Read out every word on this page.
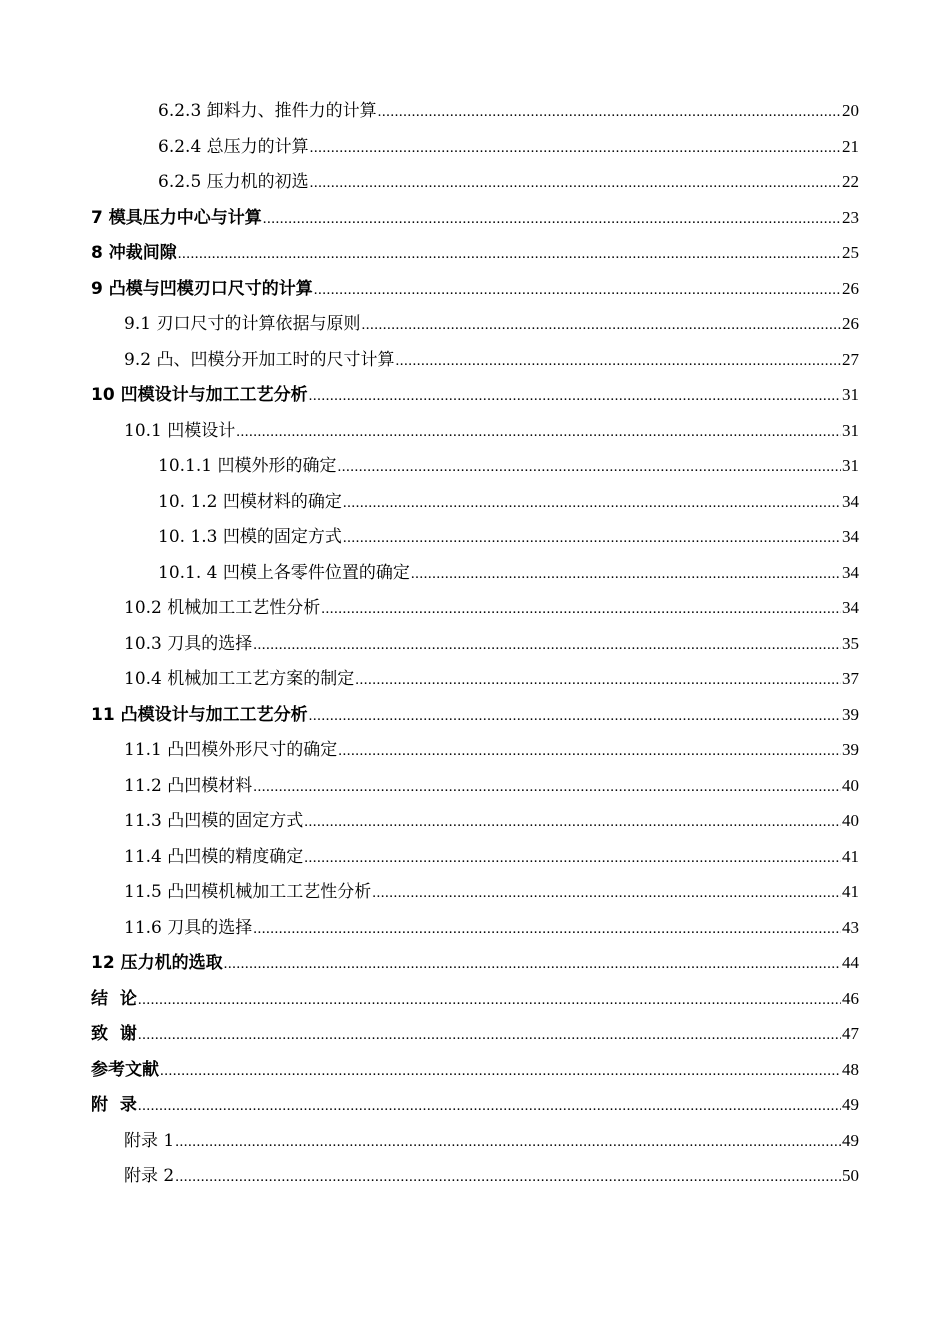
6.2.3 卸料力、推件力的计算 .....	20
6.2.4 总压力的计算 .....	21
6.2.5 压力机的初选 .....	22
7 模具压力中心与计算 .....	23
8 冲裁间隙 .....	25
9 凸模与凹模刃口尺寸的计算 .....	26
9.1 刃口尺寸的计算依据与原则 .....	26
9.2 凸、凹模分开加工时的尺寸计算 .....	27
10 凹模设计与加工工艺分析 .....	31
10.1 凹模设计 .....	31
10.1.1 凹模外形的确定 .....	31
10. 1.2 凹模材料的确定 .....	34
10. 1.3 凹模的固定方式 .....	34
10.1. 4 凹模上各零件位置的确定 .....	34
10.2 机械加工工艺性分析 .....	34
10.3 刀具的选择 .....	35
10.4 机械加工工艺方案的制定 .....	37
11 凸模设计与加工工艺分析 .....	39
11.1 凸凹模外形尺寸的确定 .....	39
11.2 凸凹模材料 .....	40
11.3 凸凹模的固定方式 .....	40
11.4 凸凹模的精度确定 .....	41
11.5 凸凹模机械加工工艺性分析 .....	41
11.6 刀具的选择 .....	43
12 压力机的选取 .....	44
结  论 .....	46
致  谢 .....	47
参考文献 .....	48
附  录 .....	49
附录 1 .....	49
附录 2 .....	50
